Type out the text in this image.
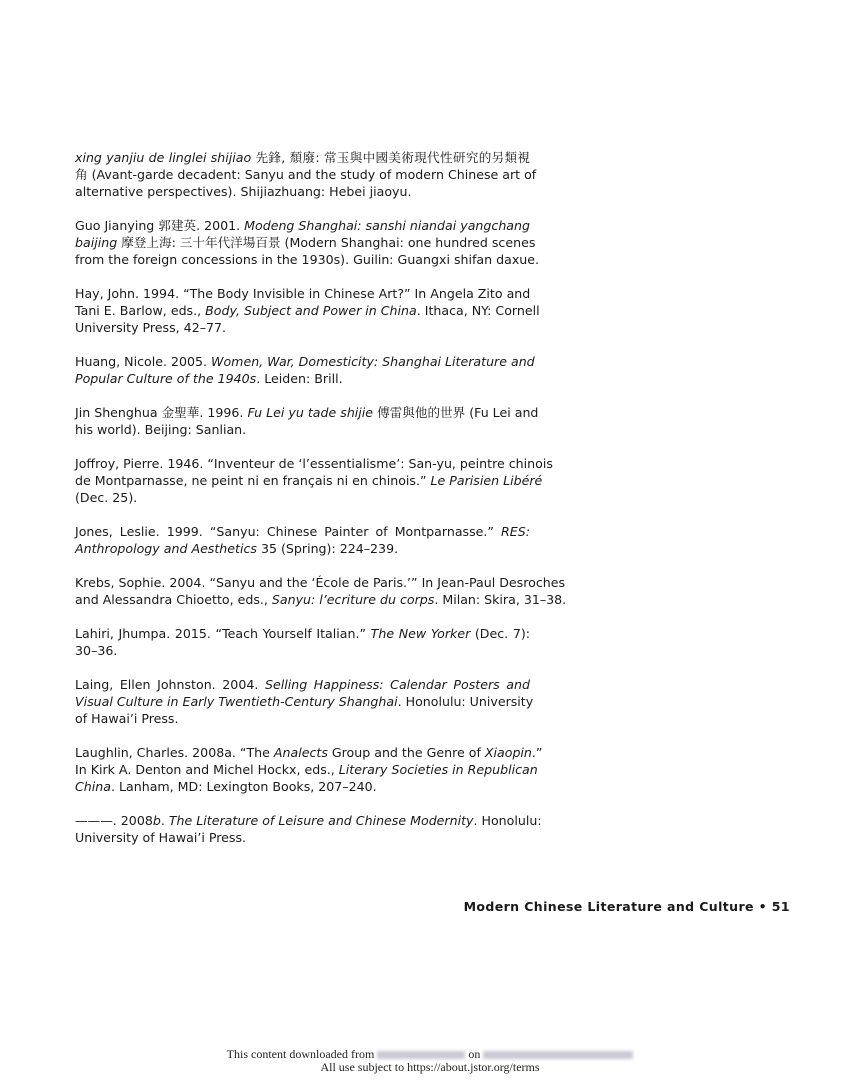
xing yanjiu de linglei shijiao 先鋒, 頹廢: 常玉與中國美術現代性研究的另類視
角 (Avant-garde decadent: Sanyu and the study of modern Chinese art of
alternative perspectives). Shijiazhuang: Hebei jiaoyu.
Guo Jianying 郭建英. 2001. Modeng Shanghai: sanshi niandai yangchang
baijing 摩登上海: 三十年代洋場百景 (Modern Shanghai: one hundred scenes
from the foreign concessions in the 1930s). Guilin: Guangxi shifan daxue.
Hay, John. 1994. “The Body Invisible in Chinese Art?” In Angela Zito and
Tani E. Barlow, eds., Body, Subject and Power in China. Ithaca, NY: Cornell
University Press, 42–77.
Huang, Nicole. 2005. Women, War, Domesticity: Shanghai Literature and
Popular Culture of the 1940s. Leiden: Brill.
Jin Shenghua 金聖華. 1996. Fu Lei yu tade shijie 傅雷與他的世界 (Fu Lei and
his world). Beijing: Sanlian.
Joffroy, Pierre. 1946. “Inventeur de ‘l’essentialisme’: San-yu, peintre chinois
de Montparnasse, ne peint ni en français ni en chinois.” Le Parisien Libéré
(Dec. 25).
Jones, Leslie. 1999. “Sanyu: Chinese Painter of Montparnasse.” RES:
Anthropology and Aesthetics 35 (Spring): 224–239.
Krebs, Sophie. 2004. “Sanyu and the ‘École de Paris.’” In Jean-Paul Desroches
and Alessandra Chioetto, eds., Sanyu: l’ecriture du corps. Milan: Skira, 31–38.
Lahiri, Jhumpa. 2015. “Teach Yourself Italian.” The New Yorker (Dec. 7):
30–36.
Laing, Ellen Johnston. 2004. Selling Happiness: Calendar Posters and
Visual Culture in Early Twentieth-Century Shanghai. Honolulu: University
of Hawai’i Press.
Laughlin, Charles. 2008a. “The Analects Group and the Genre of Xiaopin.”
In Kirk A. Denton and Michel Hockx, eds., Literary Societies in Republican
China. Lanham, MD: Lexington Books, 207–240.
———. 2008b. The Literature of Leisure and Chinese Modernity. Honolulu:
University of Hawai’i Press.
Modern Chinese Literature and Culture • 51
This content downloaded from	on
All use subject to https://about.jstor.org/terms
